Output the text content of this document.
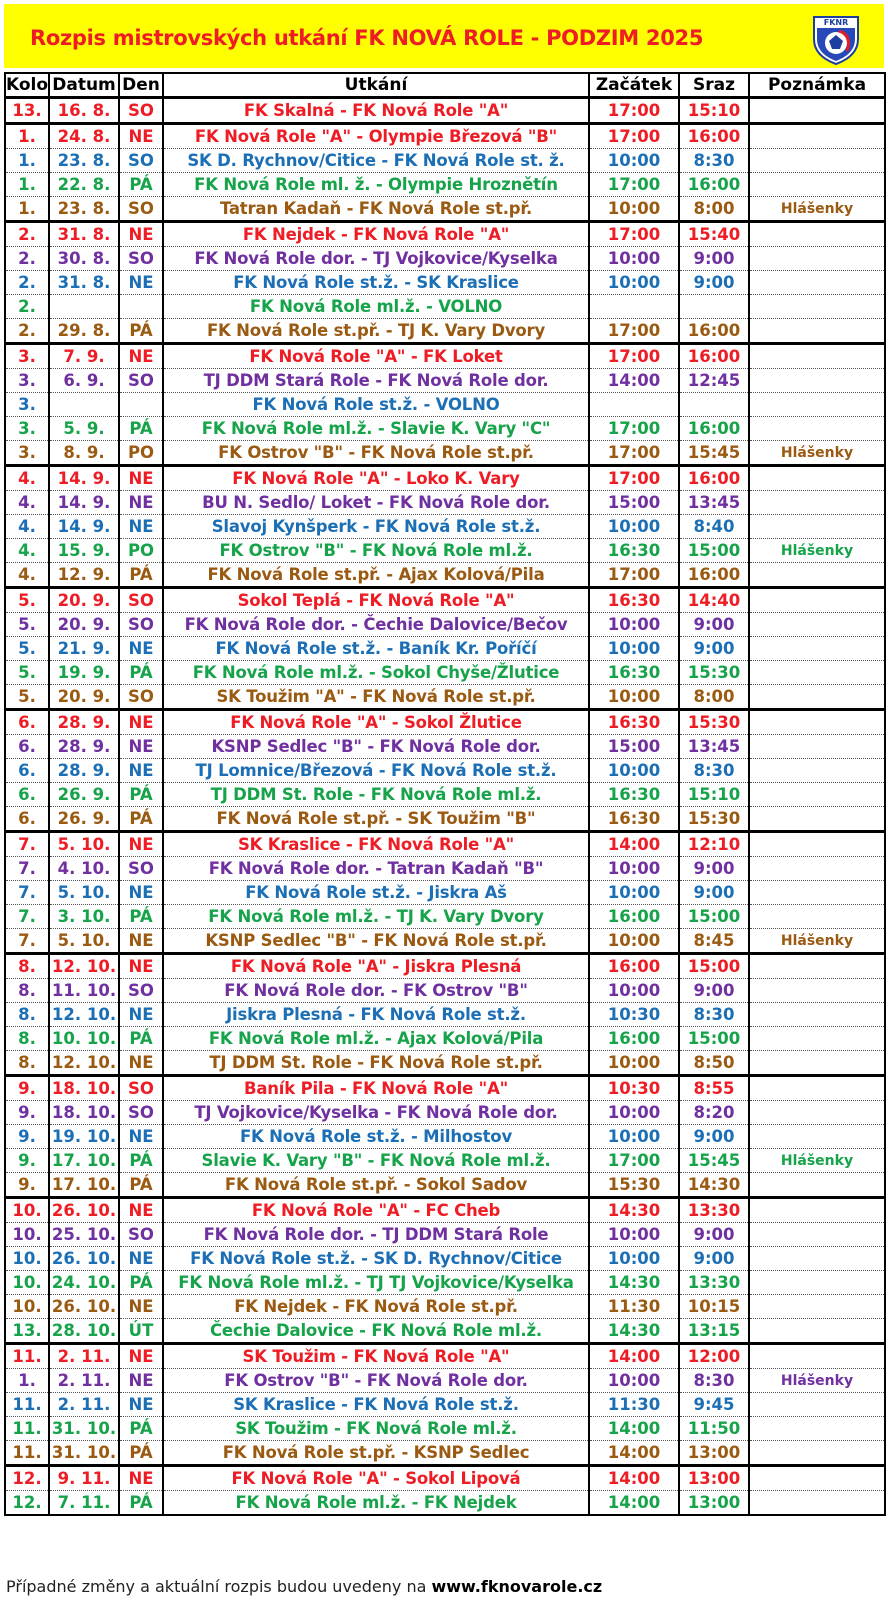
Rozpis mistrovských utkání FK NOVÁ ROLE - PODZIM 2025
FKNR
Kolo	Datum	Den	Utkání	Začátek	Sraz	Poznámka
13.	16. 8.	SO	FK Skalná - FK Nová Role "A"	17:00	15:10	
1.	24. 8.	NE	FK Nová Role "A" - Olympie Březová "B"	17:00	16:00	
1.	23. 8.	SO	SK D. Rychnov/Citice - FK Nová Role st. ž.	10:00	8:30	
1.	22. 8.	PÁ	FK Nová Role ml. ž. - Olympie Hroznětín	17:00	16:00	
1.	23. 8.	SO	Tatran Kadaň - FK Nová Role st.př.	10:00	8:00	Hlášenky
2.	31. 8.	NE	FK Nejdek - FK Nová Role "A"	17:00	15:40	
2.	30. 8.	SO	FK Nová Role dor. - TJ Vojkovice/Kyselka	10:00	9:00	
2.	31. 8.	NE	FK Nová Role st.ž. - SK Kraslice	10:00	9:00	
2.			FK Nová Role ml.ž. - VOLNO			
2.	29. 8.	PÁ	FK Nová Role st.př. - TJ K. Vary Dvory	17:00	16:00	
3.	7. 9.	NE	FK Nová Role "A" - FK Loket	17:00	16:00	
3.	6. 9.	SO	TJ DDM Stará Role - FK Nová Role dor.	14:00	12:45	
3.			FK Nová Role st.ž. - VOLNO			
3.	5. 9.	PÁ	FK Nová Role ml.ž. - Slavie K. Vary "C"	17:00	16:00	
3.	8. 9.	PO	FK Ostrov "B" - FK Nová Role st.př.	17:00	15:45	Hlášenky
4.	14. 9.	NE	FK Nová Role "A" - Loko K. Vary	17:00	16:00	
4.	14. 9.	NE	BU N. Sedlo/ Loket - FK Nová Role dor.	15:00	13:45	
4.	14. 9.	NE	Slavoj Kynšperk - FK Nová Role st.ž.	10:00	8:40	
4.	15. 9.	PO	FK Ostrov "B" - FK Nová Role ml.ž.	16:30	15:00	Hlášenky
4.	12. 9.	PÁ	FK Nová Role st.př. - Ajax Kolová/Pila	17:00	16:00	
5.	20. 9.	SO	Sokol Teplá - FK Nová Role "A"	16:30	14:40	
5.	20. 9.	SO	FK Nová Role dor. - Čechie Dalovice/Bečov	10:00	9:00	
5.	21. 9.	NE	FK Nová Role st.ž. - Baník Kr. Poříčí	10:00	9:00	
5.	19. 9.	PÁ	FK Nová Role ml.ž. - Sokol Chyše/Žlutice	16:30	15:30	
5.	20. 9.	SO	SK Toužim "A" - FK Nová Role st.př.	10:00	8:00	
6.	28. 9.	NE	FK Nová Role "A" - Sokol Žlutice	16:30	15:30	
6.	28. 9.	NE	KSNP Sedlec "B" - FK Nová Role dor.	15:00	13:45	
6.	28. 9.	NE	TJ Lomnice/Březová - FK Nová Role st.ž.	10:00	8:30	
6.	26. 9.	PÁ	TJ DDM St. Role - FK Nová Role ml.ž.	16:30	15:10	
6.	26. 9.	PÁ	FK Nová Role st.př. - SK Toužim "B"	16:30	15:30	
7.	5. 10.	NE	SK Kraslice - FK Nová Role "A"	14:00	12:10	
7.	4. 10.	SO	FK Nová Role dor. - Tatran Kadaň "B"	10:00	9:00	
7.	5. 10.	NE	FK Nová Role st.ž. - Jiskra Aš	10:00	9:00	
7.	3. 10.	PÁ	FK Nová Role ml.ž. - TJ K. Vary Dvory	16:00	15:00	
7.	5. 10.	NE	KSNP Sedlec "B" - FK Nová Role st.př.	10:00	8:45	Hlášenky
8.	12. 10.	NE	FK Nová Role "A" - Jiskra Plesná	16:00	15:00	
8.	11. 10.	SO	FK Nová Role dor. - FK Ostrov "B"	10:00	9:00	
8.	12. 10.	NE	Jiskra Plesná - FK Nová Role st.ž.	10:30	8:30	
8.	10. 10.	PÁ	FK Nová Role ml.ž. - Ajax Kolová/Pila	16:00	15:00	
8.	12. 10.	NE	TJ DDM St. Role - FK Nová Role st.př.	10:00	8:50	
9.	18. 10.	SO	Baník Pila - FK Nová Role "A"	10:30	8:55	
9.	18. 10.	SO	TJ Vojkovice/Kyselka - FK Nová Role dor.	10:00	8:20	
9.	19. 10.	NE	FK Nová Role st.ž. - Milhostov	10:00	9:00	
9.	17. 10.	PÁ	Slavie K. Vary "B" - FK Nová Role ml.ž.	17:00	15:45	Hlášenky
9.	17. 10.	PÁ	FK Nová Role st.př. - Sokol Sadov	15:30	14:30	
10.	26. 10.	NE	FK Nová Role "A" - FC Cheb	14:30	13:30	
10.	25. 10.	SO	FK Nová Role dor. - TJ DDM Stará Role	10:00	9:00	
10.	26. 10.	NE	FK Nová Role st.ž. - SK D. Rychnov/Citice	10:00	9:00	
10.	24. 10.	PÁ	FK Nová Role ml.ž. - TJ TJ Vojkovice/Kyselka	14:30	13:30	
10.	26. 10.	NE	FK Nejdek - FK Nová Role st.př.	11:30	10:15	
13.	28. 10.	ÚT	Čechie Dalovice - FK Nová Role ml.ž.	14:30	13:15	
11.	2. 11.	NE	SK Toužim - FK Nová Role "A"	14:00	12:00	
1.	2. 11.	NE	FK Ostrov "B" - FK Nová Role dor.	10:00	8:30	Hlášenky
11.	2. 11.	NE	SK Kraslice - FK Nová Role st.ž.	11:30	9:45	
11.	31. 10.	PÁ	SK Toužim - FK Nová Role ml.ž.	14:00	11:50	
11.	31. 10.	PÁ	FK Nová Role st.př. - KSNP Sedlec	14:00	13:00	
12.	9. 11.	NE	FK Nová Role "A" - Sokol Lipová	14:00	13:00	
12.	7. 11.	PÁ	FK Nová Role ml.ž. - FK Nejdek	14:00	13:00	
Případné změny a aktuální rozpis budou uvedeny na www.fknovarole.cz
